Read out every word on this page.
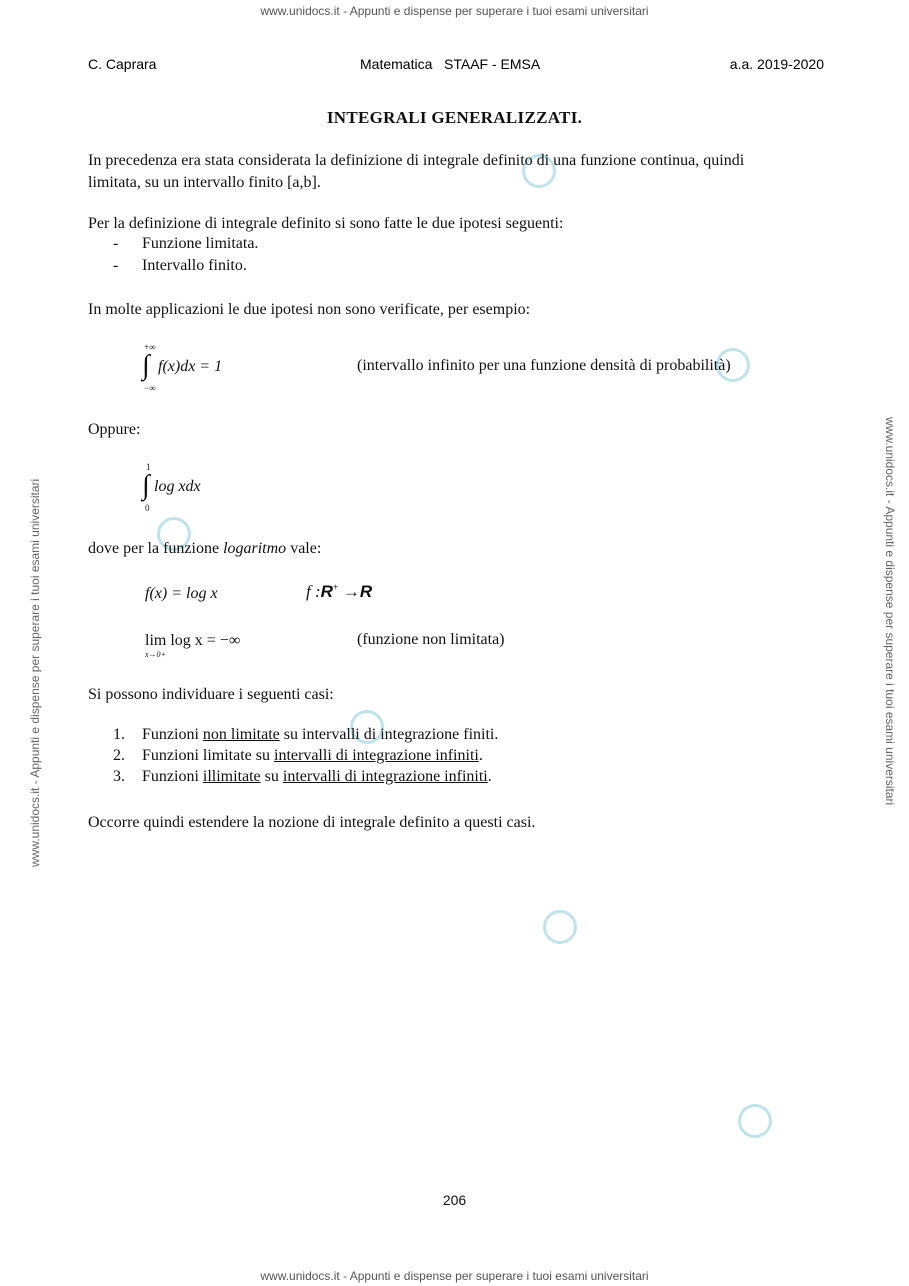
www.unidocs.it - Appunti e dispense per superare i tuoi esami universitari
www.unidocs.it - Appunti e dispense per superare i tuoi esami universitari
www.unidocs.it - Appunti e dispense per superare i tuoi esami universitari	www.unidocs.it - Appunti e dispense per superare i tuoi esami universitari
C. Caprara	Matematica   STAAF - EMSA	a.a. 2019-2020
INTEGRALI GENERALIZZATI.
In precedenza era stata considerata la definizione di integrale definito di una funzione continua, quindi
limitata, su un intervallo finito [a,b].
Per la definizione di integrale definito si sono fatte le due ipotesi seguenti:
- Funzione limitata.
- Intervallo finito.
In molte applicazioni le due ipotesi non sono verificate, per esempio:
+∞
∫ f(x)dx = 1
−∞
(intervallo infinito per una funzione densità di probabilità)
Oppure:
1
∫ log xdx
0
dove per la funzione logaritmo vale:
f(x) = log x	f :R+ →R
lim log x = −∞
x→0+
(funzione non limitata)
Si possono individuare i seguenti casi:
1. Funzioni non limitate su intervalli di integrazione finiti.
2. Funzioni limitate su intervalli di integrazione infiniti.
3. Funzioni illimitate su intervalli di integrazione infiniti.
Occorre quindi estendere la nozione di integrale definito a questi casi.
206
